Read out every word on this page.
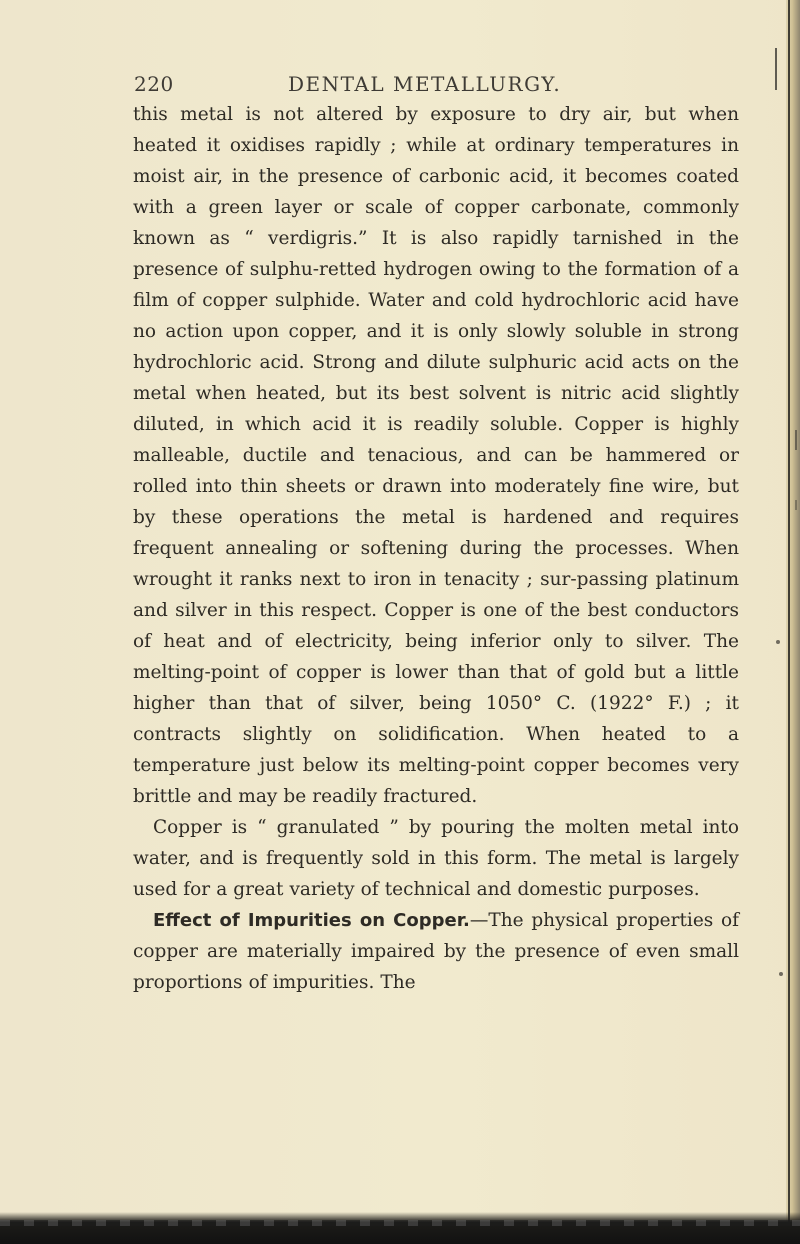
220	DENTAL METALLURGY.

this metal is not altered by exposure to dry air, but when heated it oxidises rapidly ; while at ordinary temperatures in moist air, in the presence of carbonic acid, it becomes coated with a green layer or scale of copper carbonate, commonly known as “ verdigris.” It is also rapidly tarnished in the presence of sulphu-retted hydrogen owing to the formation of a film of copper sulphide. Water and cold hydrochloric acid have no action upon copper, and it is only slowly soluble in strong hydrochloric acid. Strong and dilute sulphuric acid acts on the metal when heated, but its best solvent is nitric acid slightly diluted, in which acid it is readily soluble. Copper is highly malleable, ductile and tenacious, and can be hammered or rolled into thin sheets or drawn into moderately fine wire, but by these operations the metal is hardened and requires frequent annealing or softening during the processes. When wrought it ranks next to iron in tenacity ; sur-passing platinum and silver in this respect. Copper is one of the best conductors of heat and of electricity, being inferior only to silver. The melting-point of copper is lower than that of gold but a little higher than that of silver, being 1050° C. (1922° F.) ; it contracts slightly on solidification. When heated to a temperature just below its melting-point copper becomes very brittle and may be readily fractured.

Copper is “ granulated ” by pouring the molten metal into water, and is frequently sold in this form. The metal is largely used for a great variety of technical and domestic purposes.

Effect of Impurities on Copper.—The physical properties of copper are materially impaired by the presence of even small proportions of impurities. The
